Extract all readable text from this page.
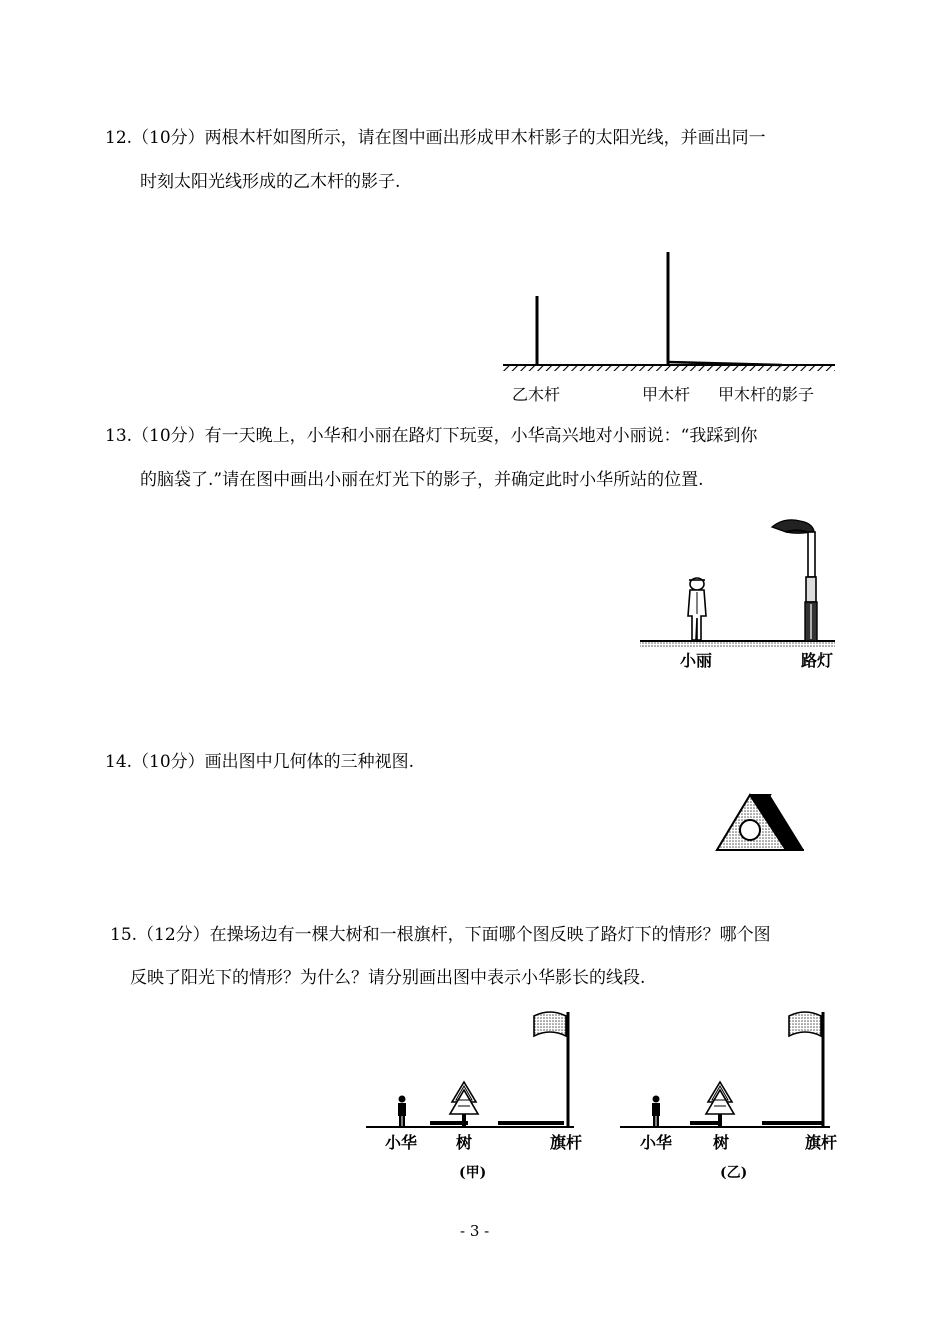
12.（10分）两根木杆如图所示，请在图中画出形成甲木杆影子的太阳光线，并画出同一
时刻太阳光线形成的乙木杆的影子.
乙木杆	甲木杆 甲木杆的影子
13.（10分）有一天晚上，小华和小丽在路灯下玩耍，小华高兴地对小丽说：“我踩到你
的脑袋了.”请在图中画出小丽在灯光下的影子，并确定此时小华所站的位置.
小丽	路灯
14.（10分）画出图中几何体的三种视图.
15.（12分）在操场边有一棵大树和一根旗杆，下面哪个图反映了路灯下的情形？哪个图
反映了阳光下的情形？为什么？请分别画出图中表示小华影长的线段.
小华 树	旗杆
(甲)
小华	树	旗杆
(乙)
- 3 -
